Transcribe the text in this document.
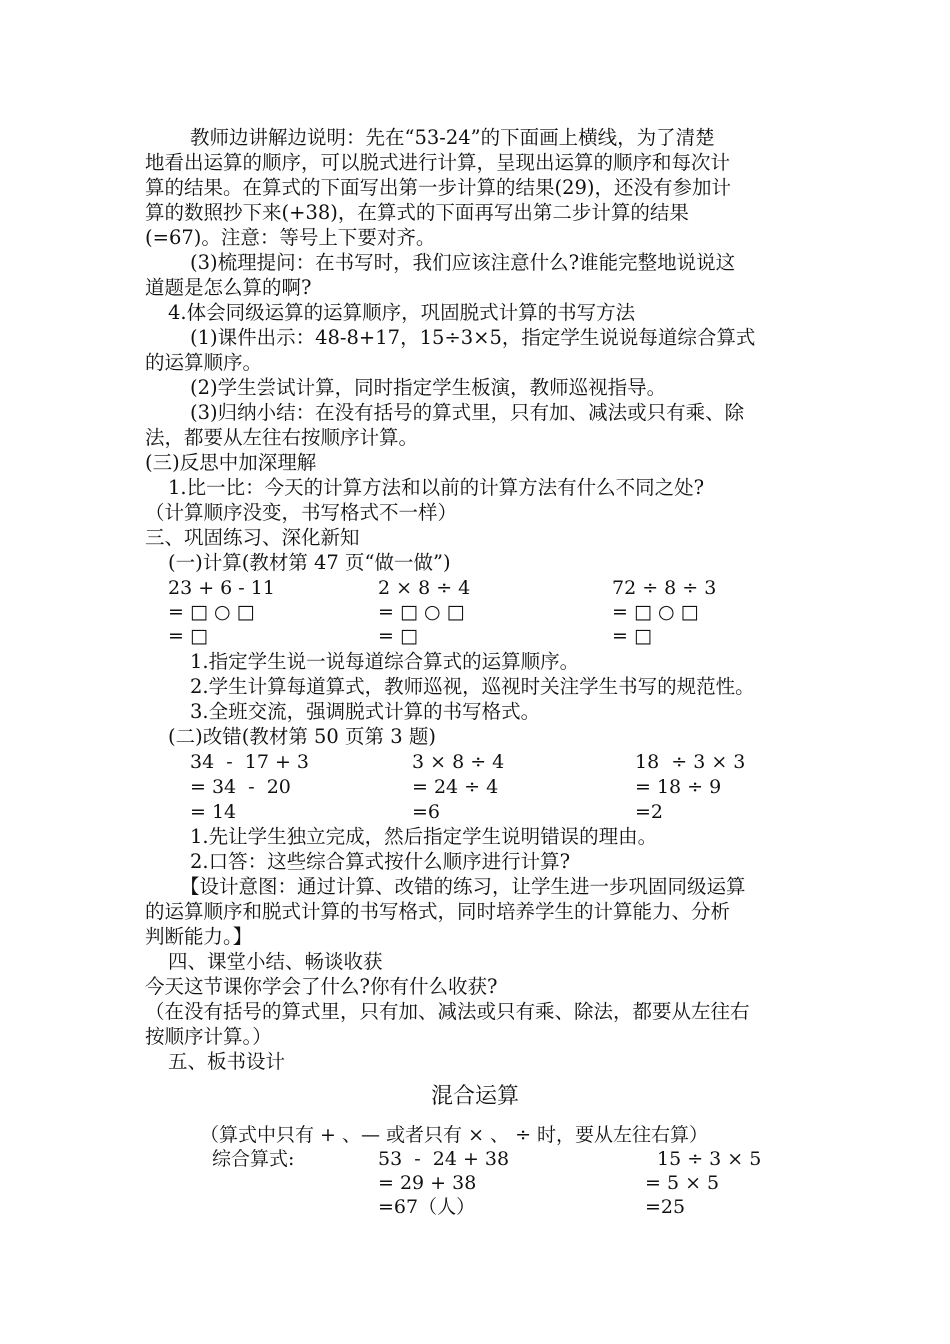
教师边讲解边说明：先在“53-24”的下面画上横线，为了清楚
地看出运算的顺序，可以脱式进行计算，呈现出运算的顺序和每次计
算的结果。在算式的下面写出第一步计算的结果(29)，还没有参加计
算的数照抄下来(+38)，在算式的下面再写出第二步计算的结果
(=67)。注意：等号上下要对齐。
(3)梳理提问：在书写时，我们应该注意什么?谁能完整地说说这
道题是怎么算的啊?
4.体会同级运算的运算顺序，巩固脱式计算的书写方法
(1)课件出示：48-8+17，15÷3×5，指定学生说说每道综合算式
的运算顺序。
(2)学生尝试计算，同时指定学生板演，教师巡视指导。
(3)归纳小结：在没有括号的算式里，只有加、减法或只有乘、除
法，都要从左往右按顺序计算。
(三)反思中加深理解
1.比一比：今天的计算方法和以前的计算方法有什么不同之处?
（计算顺序没变，书写格式不一样）
三、巩固练习、深化新知
(一)计算(教材第 47 页“做一做”)
23 + 6 - 11
= □ ○ □
= □
2 × 8 ÷ 4
= □ ○ □
= □
72 ÷ 8 ÷ 3
= □ ○ □
= □
1.指定学生说一说每道综合算式的运算顺序。
2.学生计算每道算式，教师巡视，巡视时关注学生书写的规范性。
3.全班交流，强调脱式计算的书写格式。
(二)改错(教材第 50 页第 3 题)
34  -  17 + 3
= 34  -  20
= 14
3 × 8 ÷ 4
= 24 ÷ 4
=6
18  ÷ 3 × 3
= 18 ÷ 9
=2
1.先让学生独立完成，然后指定学生说明错误的理由。
2.口答：这些综合算式按什么顺序进行计算?
【设计意图：通过计算、改错的练习，让学生进一步巩固同级运算
的运算顺序和脱式计算的书写格式，同时培养学生的计算能力、分析
判断能力。】
四、课堂小结、畅谈收获
今天这节课你学会了什么?你有什么收获?
（在没有括号的算式里，只有加、减法或只有乘、除法，都要从左往右
按顺序计算。）
五、板书设计
混合运算
（算式中只有 + 、— 或者只有 × 、 ÷ 时，要从左往右算）
综合算式:	53  -  24 + 38
= 29 + 38
=67（人）
15 ÷ 3 × 5
= 5 × 5
=25
